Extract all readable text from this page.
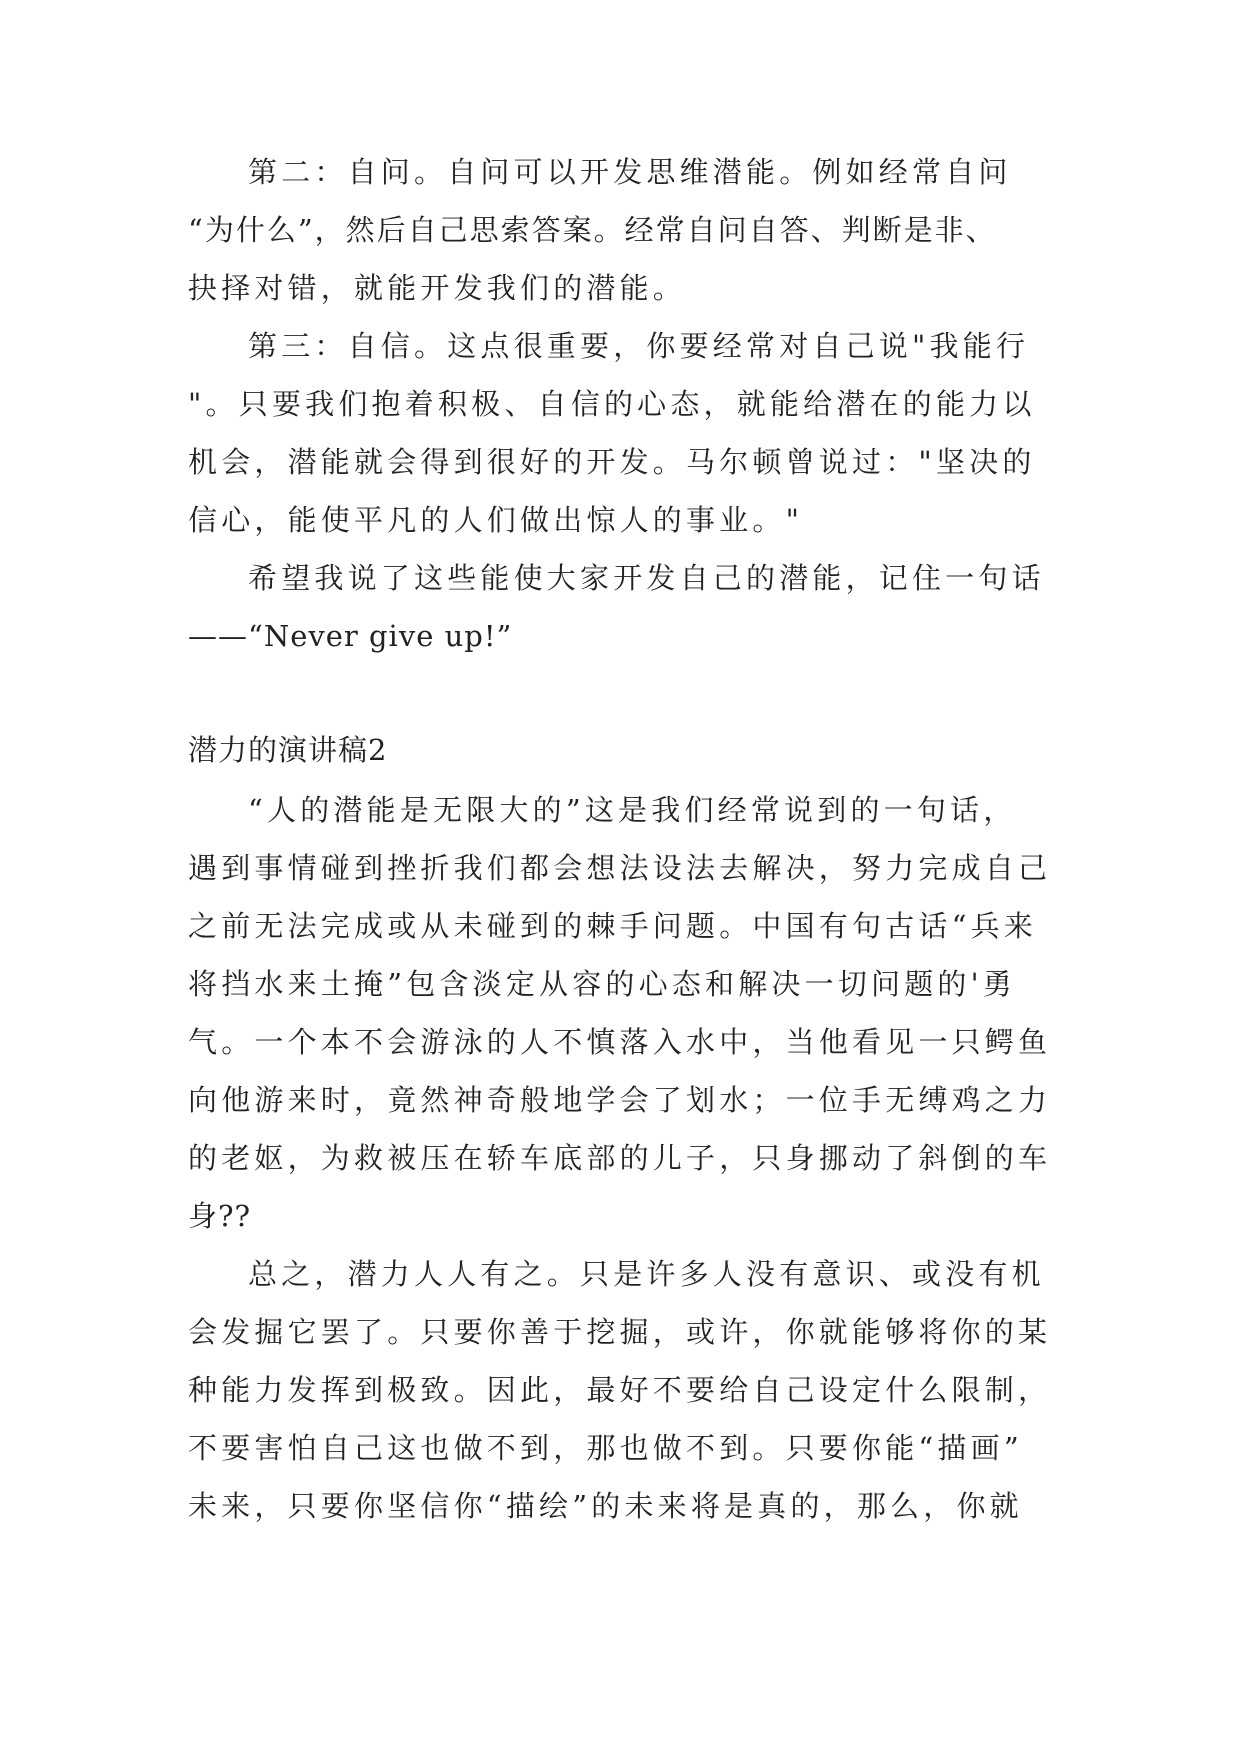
第二：自问。自问可以开发思维潜能。例如经常自问
“为什么”，然后自己思索答案。经常自问自答、判断是非、
抉择对错，就能开发我们的潜能。
第三：自信。这点很重要，你要经常对自己说"我能行
"。只要我们抱着积极、自信的心态，就能给潜在的能力以
机会，潜能就会得到很好的开发。马尔顿曾说过："坚决的
信心，能使平凡的人们做出惊人的事业。"
希望我说了这些能使大家开发自己的潜能，记住一句话
——“Never give up!”
潜力的演讲稿2
“人的潜能是无限大的”这是我们经常说到的一句话，
遇到事情碰到挫折我们都会想法设法去解决，努力完成自己
之前无法完成或从未碰到的棘手问题。中国有句古话“兵来
将挡水来土掩”包含淡定从容的心态和解决一切问题的'勇
气。一个本不会游泳的人不慎落入水中，当他看见一只鳄鱼
向他游来时，竟然神奇般地学会了划水；一位手无缚鸡之力
的老妪，为救被压在轿车底部的儿子，只身挪动了斜倒的车
身??
总之，潜力人人有之。只是许多人没有意识、或没有机
会发掘它罢了。只要你善于挖掘，或许，你就能够将你的某
种能力发挥到极致。因此，最好不要给自己设定什么限制，
不要害怕自己这也做不到，那也做不到。只要你能“描画”
未来，只要你坚信你“描绘”的未来将是真的，那么，你就
